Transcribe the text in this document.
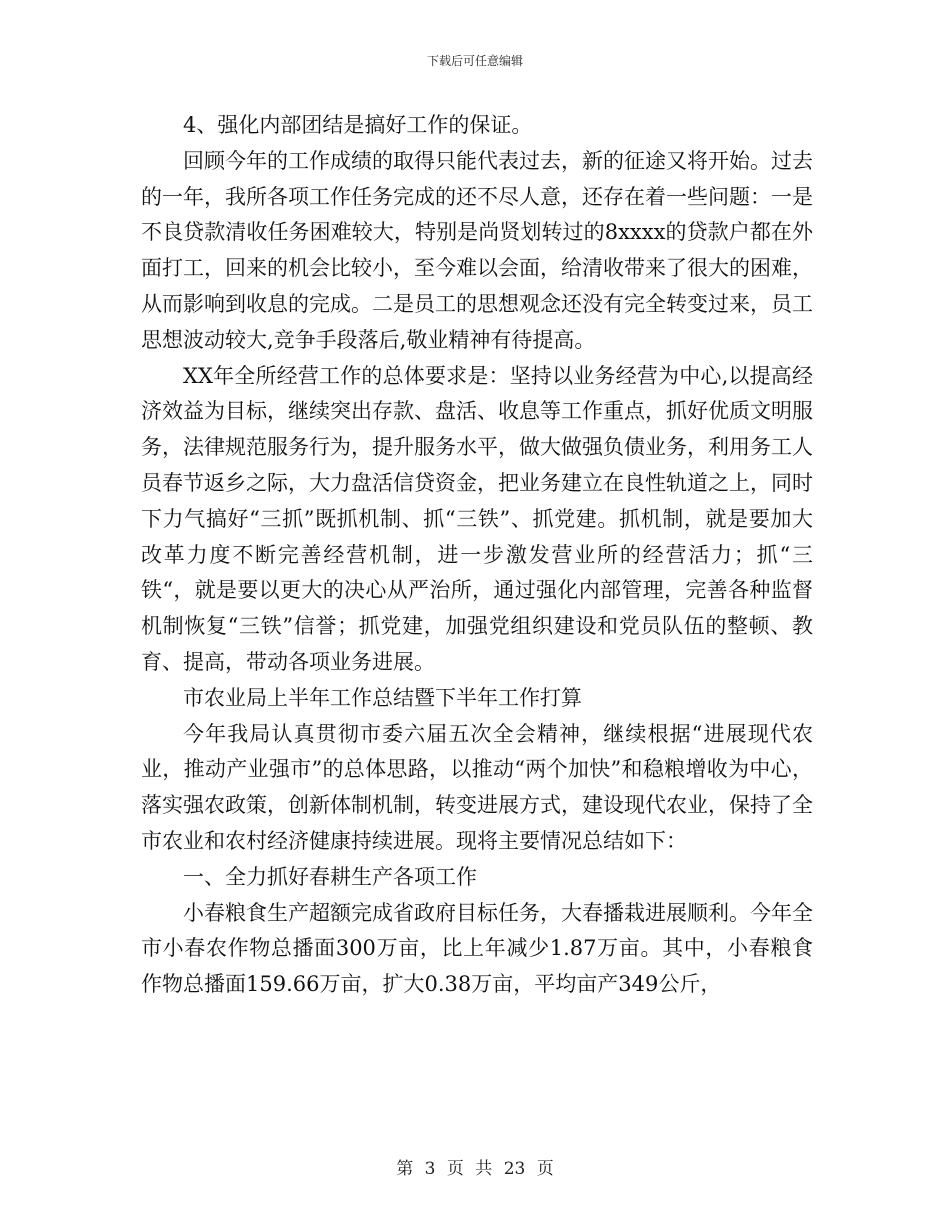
下载后可任意编辑

4、强化内部团结是搞好工作的保证。

回顾今年的工作成绩的取得只能代表过去，新的征途又将开始。过去的一年，我所各项工作任务完成的还不尽人意，还存在着一些问题：一是不良贷款清收任务困难较大，特别是尚贤划转过的8xxxx的贷款户都在外面打工，回来的机会比较小，至今难以会面，给清收带来了很大的困难，从而影响到收息的完成。二是员工的思想观念还没有完全转变过来，员工思想波动较大,竞争手段落后,敬业精神有待提高。

XX年全所经营工作的总体要求是：坚持以业务经营为中心,以提高经济效益为目标，继续突出存款、盘活、收息等工作重点，抓好优质文明服务，法律规范服务行为，提升服务水平，做大做强负债业务，利用务工人员春节返乡之际，大力盘活信贷资金，把业务建立在良性轨道之上，同时下力气搞好“三抓”既抓机制、抓“三铁”、抓党建。抓机制，就是要加大改革力度不断完善经营机制，进一步激发营业所的经营活力；抓“三铁“，就是要以更大的决心从严治所，通过强化内部管理，完善各种监督机制恢复“三铁”信誉；抓党建，加强党组织建设和党员队伍的整顿、教育、提高，带动各项业务进展。

市农业局上半年工作总结暨下半年工作打算

今年我局认真贯彻市委六届五次全会精神，继续根据“进展现代农业，推动产业强市”的总体思路，以推动“两个加快”和稳粮增收为中心，落实强农政策，创新体制机制，转变进展方式，建设现代农业，保持了全市农业和农村经济健康持续进展。现将主要情况总结如下：

一、全力抓好春耕生产各项工作

小春粮食生产超额完成省政府目标任务，大春播栽进展顺利。今年全市小春农作物总播面300万亩，比上年减少1.87万亩。其中，小春粮食作物总播面159.66万亩，扩大0.38万亩，平均亩产349公斤，

第 3 页 共 23 页
